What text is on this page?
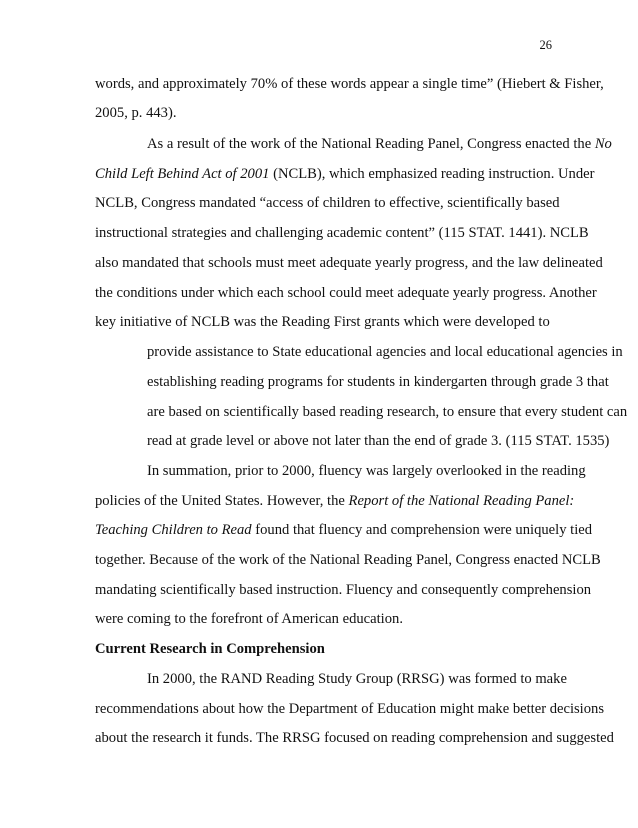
26
words, and approximately 70% of these words appear a single time” (Hiebert & Fisher,
2005, p. 443).
As a result of the work of the National Reading Panel, Congress enacted the No
Child Left Behind Act of 2001 (NCLB), which emphasized reading instruction. Under
NCLB, Congress mandated “access of children to effective, scientifically based
instructional strategies and challenging academic content” (115 STAT. 1441). NCLB
also mandated that schools must meet adequate yearly progress, and the law delineated
the conditions under which each school could meet adequate yearly progress. Another
key initiative of NCLB was the Reading First grants which were developed to
provide assistance to State educational agencies and local educational agencies in
establishing reading programs for students in kindergarten through grade 3 that
are based on scientifically based reading research, to ensure that every student can
read at grade level or above not later than the end of grade 3. (115 STAT. 1535)
In summation, prior to 2000, fluency was largely overlooked in the reading
policies of the United States. However, the Report of the National Reading Panel:
Teaching Children to Read found that fluency and comprehension were uniquely tied
together. Because of the work of the National Reading Panel, Congress enacted NCLB
mandating scientifically based instruction. Fluency and consequently comprehension
were coming to the forefront of American education.
Current Research in Comprehension
In 2000, the RAND Reading Study Group (RRSG) was formed to make
recommendations about how the Department of Education might make better decisions
about the research it funds. The RRSG focused on reading comprehension and suggested
